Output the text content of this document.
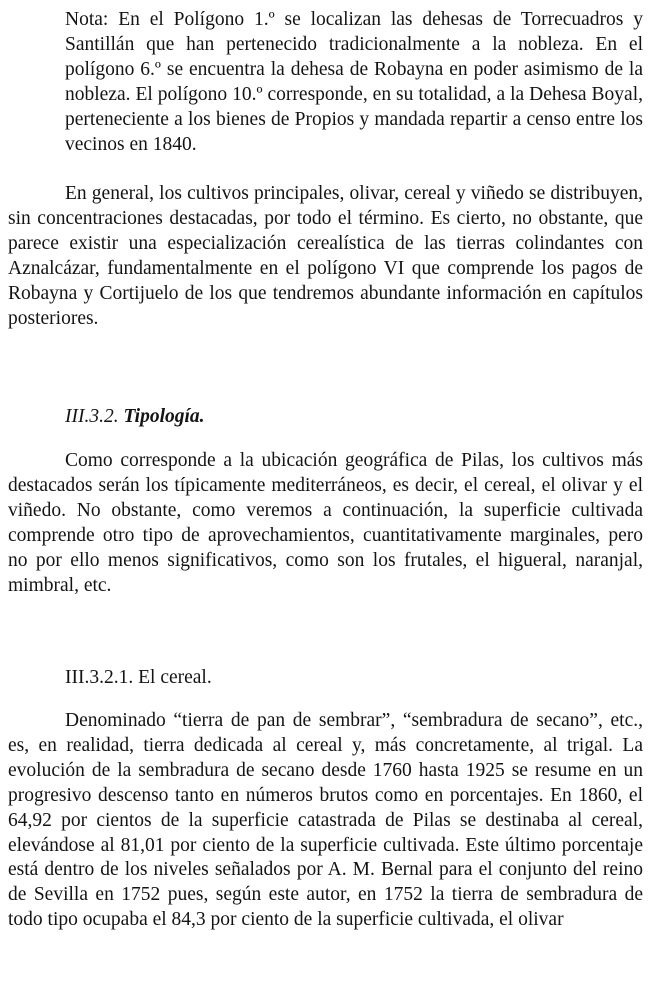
Nota: En el Polígono 1.º se localizan las dehesas de Torrecuadros y Santillán que han pertenecido tradicionalmente a la nobleza. En el polígono 6.º se encuentra la dehesa de Robayna en poder asimismo de la nobleza. El polígono 10.º corresponde, en su totalidad, a la Dehesa Boyal, perteneciente a los bienes de Propios y mandada repartir a censo entre los vecinos en 1840.

En general, los cultivos principales, olivar, cereal y viñedo se distribuyen, sin concentraciones destacadas, por todo el término. Es cierto, no obstante, que parece existir una especialización cerealística de las tierras colindantes con Aznalcázar, fundamentalmente en el polígono VI que comprende los pagos de Robayna y Cortijuelo de los que tendremos abundante información en capítulos posteriores.

III.3.2. Tipología.

Como corresponde a la ubicación geográfica de Pilas, los cultivos más destacados serán los típicamente mediterráneos, es decir, el cereal, el olivar y el viñedo. No obstante, como veremos a continuación, la superficie cultivada comprende otro tipo de aprovechamientos, cuantitativamente marginales, pero no por ello menos significativos, como son los frutales, el higueral, naranjal, mimbral, etc.

III.3.2.1. El cereal.

Denominado “tierra de pan de sembrar”, “sembradura de secano”, etc., es, en realidad, tierra dedicada al cereal y, más concretamente, al trigal. La evolución de la sembradura de secano desde 1760 hasta 1925 se resume en un progresivo descenso tanto en números brutos como en porcentajes. En 1860, el 64,92 por cientos de la superficie catastrada de Pilas se destinaba al cereal, elevándose al 81,01 por ciento de la superficie cultivada. Este último porcentaje está dentro de los niveles señalados por A. M. Bernal para el conjunto del reino de Sevilla en 1752 pues, según este autor, en 1752 la tierra de sembradura de todo tipo ocupaba el 84,3 por ciento de la superficie cultivada, el olivar
